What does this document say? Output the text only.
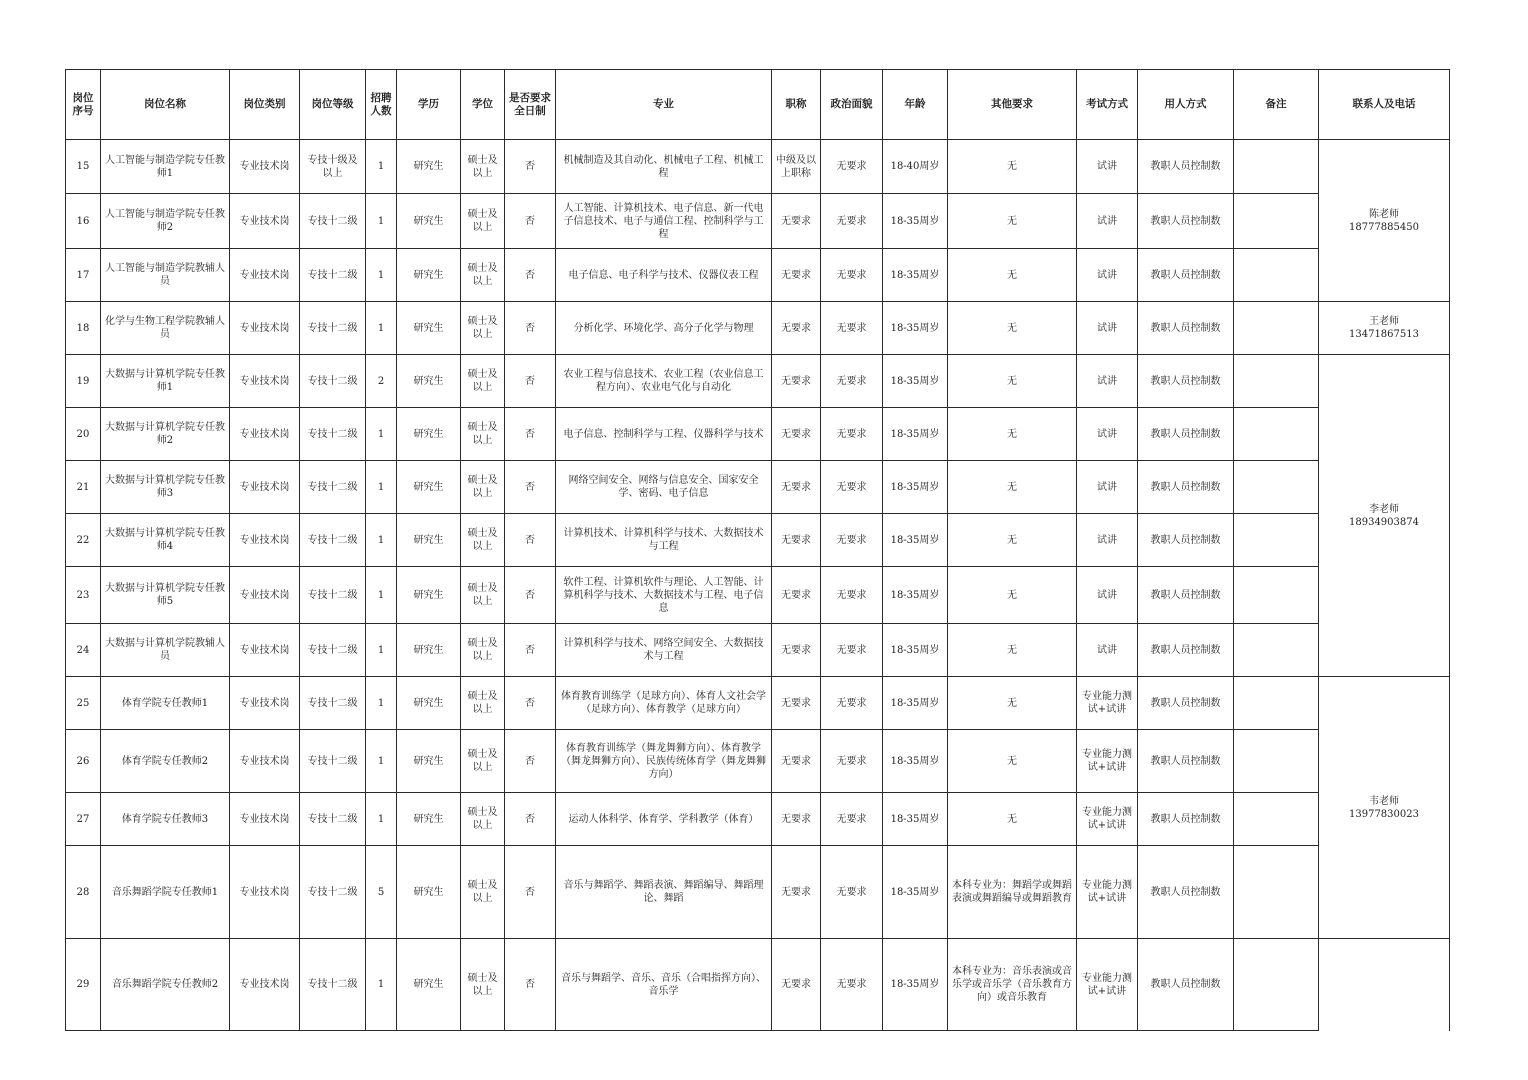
岗位序号	岗位名称	岗位类别	岗位等级	招聘人数	学历	学位	是否要求全日制	专业	职称	政治面貌	年龄	其他要求	考试方式	用人方式	备注	联系人及电话	
15	人工智能与制造学院专任教师1	专业技术岗	专技十级及以上	1	研究生	硕士及以上	否	机械制造及其自动化、机械电子工程、机械工程	中级及以上职称	无要求	18-40周岁	无	试讲	教职人员控制数		陈老师
18777885450	

16	人工智能与制造学院专任教师2	专业技术岗	专技十二级	1	研究生	硕士及以上	否	人工智能、计算机技术、电子信息、新一代电子信息技术、电子与通信工程、控制科学与工程	无要求	无要求	18-35周岁	无	试讲	教职人员控制数			
17	人工智能与制造学院教辅人员	专业技术岗	专技十二级	1	研究生	硕士及以上	否	电子信息、电子科学与技术、仪器仪表工程	无要求	无要求	18-35周岁	无	试讲	教职人员控制数			
18	化学与生物工程学院教辅人员	专业技术岗	专技十二级	1	研究生	硕士及以上	否	分析化学、环境化学、高分子化学与物理	无要求	无要求	18-35周岁	无	试讲	教职人员控制数		王老师
13471867513	

19	大数据与计算机学院专任教师1	专业技术岗	专技十二级	2	研究生	硕士及以上	否	农业工程与信息技术、农业工程（农业信息工程方向）、农业电气化与自动化	无要求	无要求	18-35周岁	无	试讲	教职人员控制数		李老师
18934903874	

20	大数据与计算机学院专任教师2	专业技术岗	专技十二级	1	研究生	硕士及以上	否	电子信息、控制科学与工程、仪器科学与技术	无要求	无要求	18-35周岁	无	试讲	教职人员控制数			
21	大数据与计算机学院专任教师3	专业技术岗	专技十二级	1	研究生	硕士及以上	否	网络空间安全、网络与信息安全、国家安全学、密码、电子信息	无要求	无要求	18-35周岁	无	试讲	教职人员控制数			
22	大数据与计算机学院专任教师4	专业技术岗	专技十二级	1	研究生	硕士及以上	否	计算机技术、计算机科学与技术、大数据技术与工程	无要求	无要求	18-35周岁	无	试讲	教职人员控制数			
23	大数据与计算机学院专任教师5	专业技术岗	专技十二级	1	研究生	硕士及以上	否	软件工程、计算机软件与理论、人工智能、计算机科学与技术、大数据技术与工程、电子信息	无要求	无要求	18-35周岁	无	试讲	教职人员控制数			
24	大数据与计算机学院教辅人员	专业技术岗	专技十二级	1	研究生	硕士及以上	否	计算机科学与技术、网络空间安全、大数据技术与工程	无要求	无要求	18-35周岁	无	试讲	教职人员控制数			
25	体育学院专任教师1	专业技术岗	专技十二级	1	研究生	硕士及以上	否	体育教育训练学（足球方向）、体育人文社会学（足球方向）、体育教学（足球方向）	无要求	无要求	18-35周岁	无	专业能力测试+试讲	教职人员控制数		韦老师
13977830023	

26	体育学院专任教师2	专业技术岗	专技十二级	1	研究生	硕士及以上	否	体育教育训练学（舞龙舞狮方向）、体育教学（舞龙舞狮方向）、民族传统体育学（舞龙舞狮方向）	无要求	无要求	18-35周岁	无	专业能力测试+试讲	教职人员控制数			
27	体育学院专任教师3	专业技术岗	专技十二级	1	研究生	硕士及以上	否	运动人体科学、体育学、学科教学（体育）	无要求	无要求	18-35周岁	无	专业能力测试+试讲	教职人员控制数			
28	音乐舞蹈学院专任教师1	专业技术岗	专技十二级	5	研究生	硕士及以上	否	音乐与舞蹈学、舞蹈表演、舞蹈编导、舞蹈理论、舞蹈	无要求	无要求	18-35周岁	本科专业为：舞蹈学或舞蹈表演或舞蹈编导或舞蹈教育	专业能力测试+试讲	教职人员控制数		

29	音乐舞蹈学院专任教师2	专业技术岗	专技十二级	1	研究生	硕士及以上	否	音乐与舞蹈学、音乐、音乐（合唱指挥方向）、音乐学	无要求	无要求	18-35周岁	本科专业为：音乐表演或音乐学或音乐学（音乐教育方向）或音乐教育	专业能力测试+试讲	教职人员控制数			
